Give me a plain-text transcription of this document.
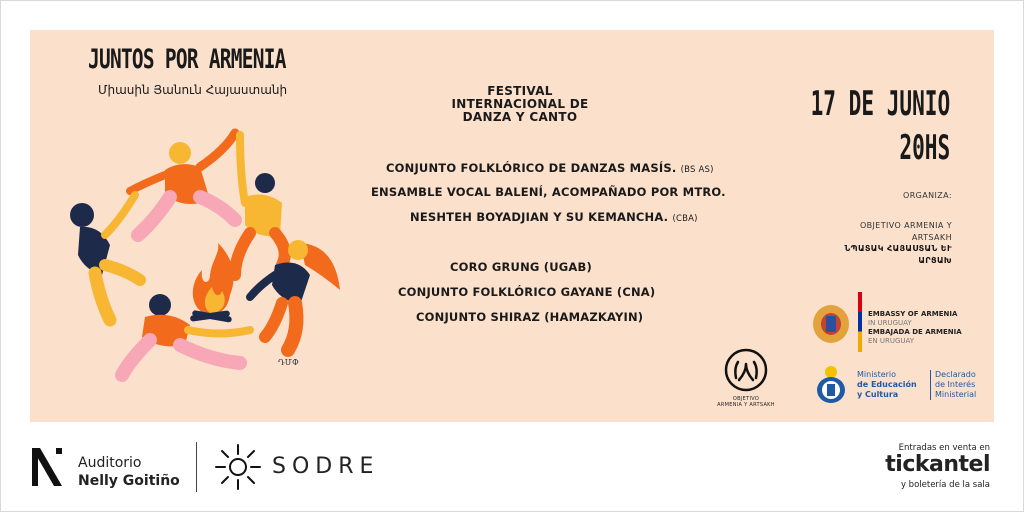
JUNTOS POR ARMENIA
Միասին Յանուն Հայաստանի
ԴՄՓ
FESTIVAL
INTERNACIONAL DE
DANZA Y CANTO
CONJUNTO FOLKLÓRICO DE DANZAS MASÍS. (BS AS)
ENSAMBLE VOCAL BALENÍ, ACOMPAÑADO POR MTRO.
NESHTEH BOYADJIAN Y SU KEMANCHA. (CBA)
CORO GRUNG (UGAB)
CONJUNTO FOLKLÓRICO GAYANE (CNA)
CONJUNTO SHIRAZ (HAMAZKAYIN)
17 DE JUNIO
20HS
ORGANIZA:
OBJETIVO ARMENIA Y
ARTSAKH
ՆՊԱՏԱԿ ՀԱՅԱՍՏԱՆ ԵՒ
ԱՐՑԱԽ
OBJETIVO
ARMENIA Y ARTSAKH
EMBASSY OF ARMENIA
IN URUGUAY
EMBAJADA DE ARMENIA
EN URUGUAY
Ministerio
de Educación
y Cultura
Declarado
de Interés
Ministerial
Auditorio
Nelly Goitiño
SODRE
Entradas en venta en
tickantel
y boletería de la sala
